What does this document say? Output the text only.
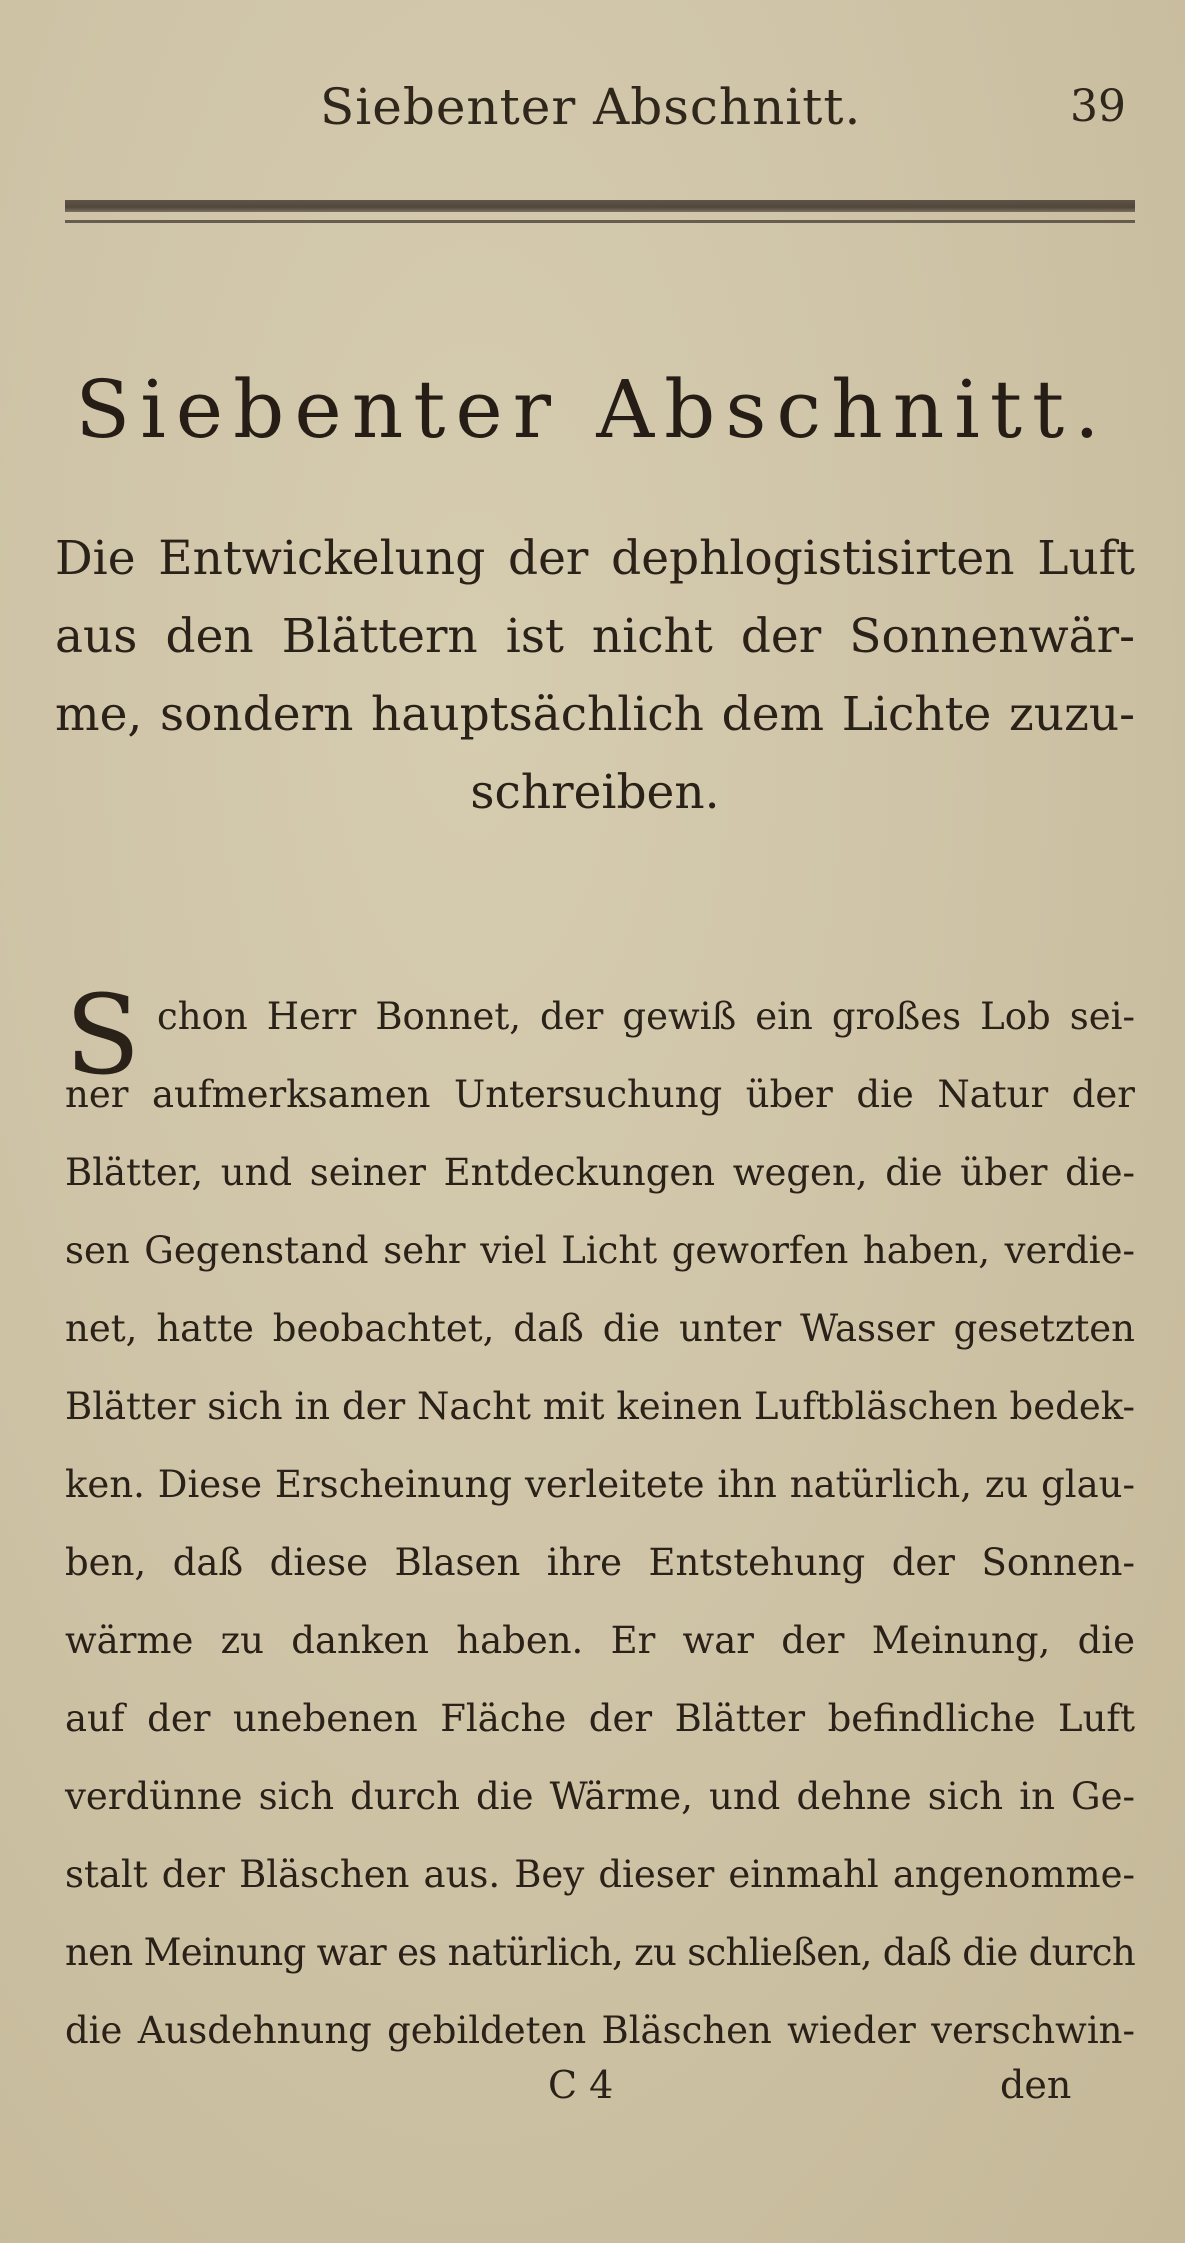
Siebenter Abschnitt.	39
Siebenter Abschnitt.
Die Entwickelung der dephlogistisirten Luft
aus den Blättern ist nicht der Sonnenwär-
me, sondern hauptsächlich dem Lichte zuzu-
schreiben.
S chon Herr Bonnet, der gewiß ein großes Lob sei-
ner aufmerksamen Untersuchung über die Natur der
Blätter, und seiner Entdeckungen wegen, die über die-
sen Gegenstand sehr viel Licht geworfen haben, verdie-
net, hatte beobachtet, daß die unter Wasser gesetzten
Blätter sich in der Nacht mit keinen Luftbläschen bedek-
ken. Diese Erscheinung verleitete ihn natürlich, zu glau-
ben, daß diese Blasen ihre Entstehung der Sonnen-
wärme zu danken haben. Er war der Meinung, die
auf der unebenen Fläche der Blätter befindliche Luft
verdünne sich durch die Wärme, und dehne sich in Ge-
stalt der Bläschen aus. Bey dieser einmahl angenomme-
nen Meinung war es natürlich, zu schließen, daß die durch
die Ausdehnung gebildeten Bläschen wieder verschwin-
C 4	den
